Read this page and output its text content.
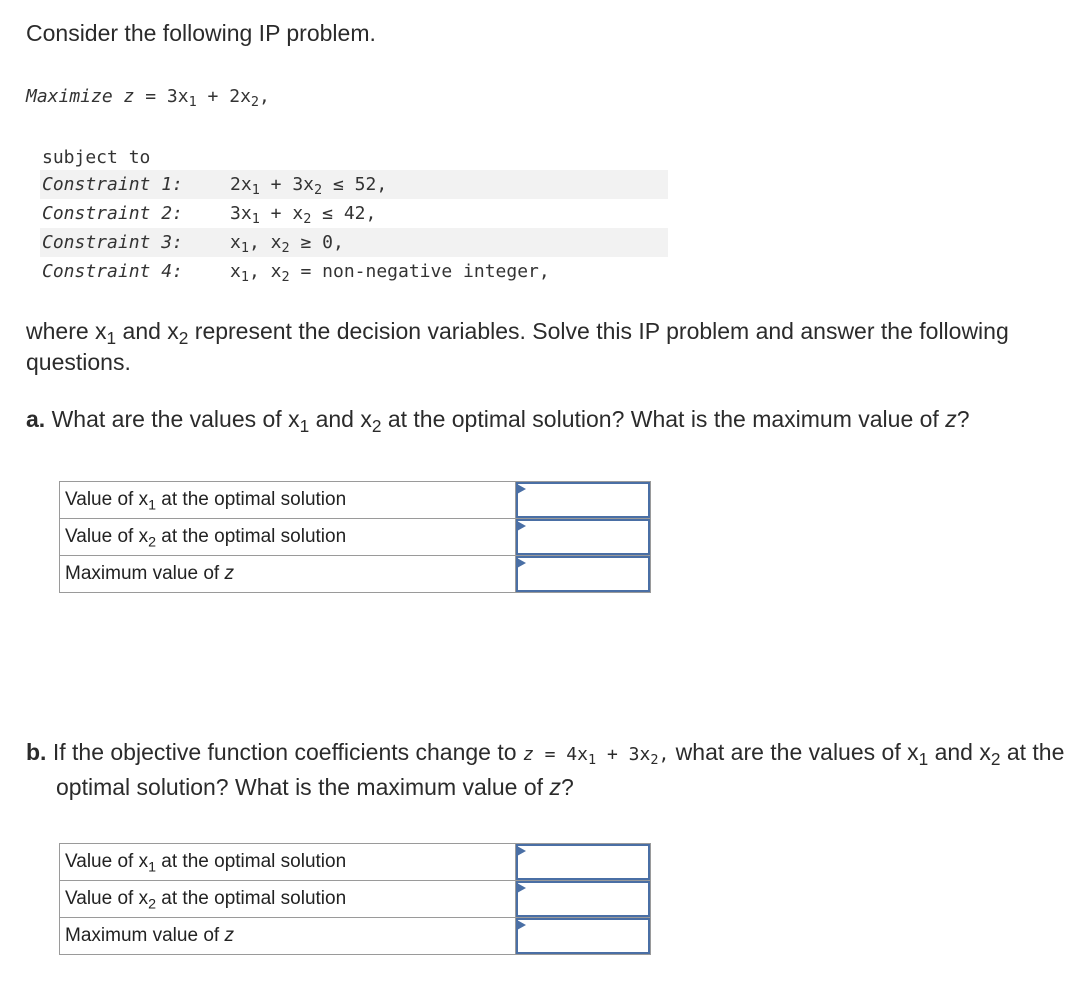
Consider the following IP problem.
Maximize $z = 3x_1 + 2x_2$,
subject to
Constraint 1:	$2x_1 + 3x_2 \le 52$,
Constraint 2:	$3x_1 + x_2 \le 42$,
Constraint 3:	$x_1$, $x_2 \ge 0$,
Constraint 4:	$x_1$, $x_2$ = non-negative integer,
where $x_1$ and $x_2$ represent the decision variables. Solve this IP problem and answer the following questions.
a. What are the values of $x_1$ and $x_2$ at the optimal solution? What is the maximum value of z?
Value of $x_1$ at the optimal solution	

Value of $x_2$ at the optimal solution	

Maximum value of z	
b. If the objective function coefficients change to $z = 4x_1 + 3x_2$, what are the values of $x_1$ and $x_2$ at the optimal solution? What is the maximum value of z?
Value of $x_1$ at the optimal solution	

Value of $x_2$ at the optimal solution	

Maximum value of z	
